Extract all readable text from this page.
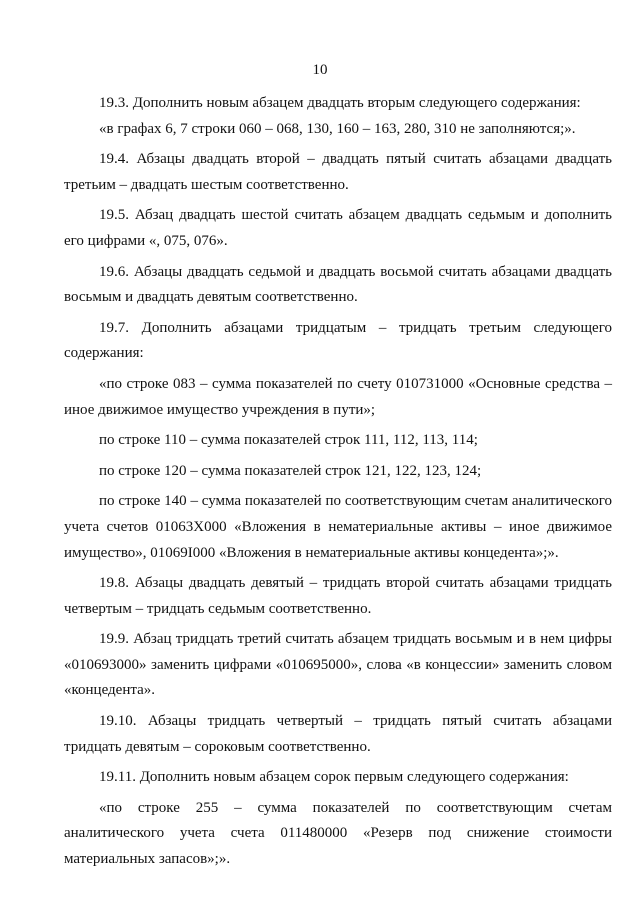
10

19.3. Дополнить новым абзацем двадцать вторым следующего содержания:

«в графах 6, 7 строки 060 – 068, 130, 160 – 163, 280, 310 не заполняются;».

19.4. Абзацы двадцать второй – двадцать пятый считать абзацами двадцать третьим – двадцать шестым соответственно.

19.5. Абзац двадцать шестой считать абзацем двадцать седьмым и дополнить его цифрами «, 075, 076».

19.6. Абзацы двадцать седьмой и двадцать восьмой считать абзацами двадцать восьмым и двадцать девятым соответственно.

19.7. Дополнить абзацами тридцатым – тридцать третьим следующего содержания:

«по строке 083 – сумма показателей по счету 010731000 «Основные средства – иное движимое имущество учреждения в пути»;

по строке 110 – сумма показателей строк 111, 112, 113, 114;

по строке 120 – сумма показателей строк 121, 122, 123, 124;

по строке 140 – сумма показателей по соответствующим счетам аналитического учета счетов 01063Х000 «Вложения в нематериальные активы – иное движимое имущество», 01069I000 «Вложения в нематериальные активы концедента»;».

19.8. Абзацы двадцать девятый – тридцать второй считать абзацами тридцать четвертым – тридцать седьмым соответственно.

19.9. Абзац тридцать третий считать абзацем тридцать восьмым и в нем цифры «010693000» заменить цифрами «010695000», слова «в концессии» заменить словом «концедента».

19.10. Абзацы тридцать четвертый – тридцать пятый считать абзацами тридцать девятым – сороковым соответственно.

19.11. Дополнить новым абзацем сорок первым следующего содержания:

«по строке 255 – сумма показателей по соответствующим счетам аналитического учета счета 011480000 «Резерв под снижение стоимости материальных запасов»;».
